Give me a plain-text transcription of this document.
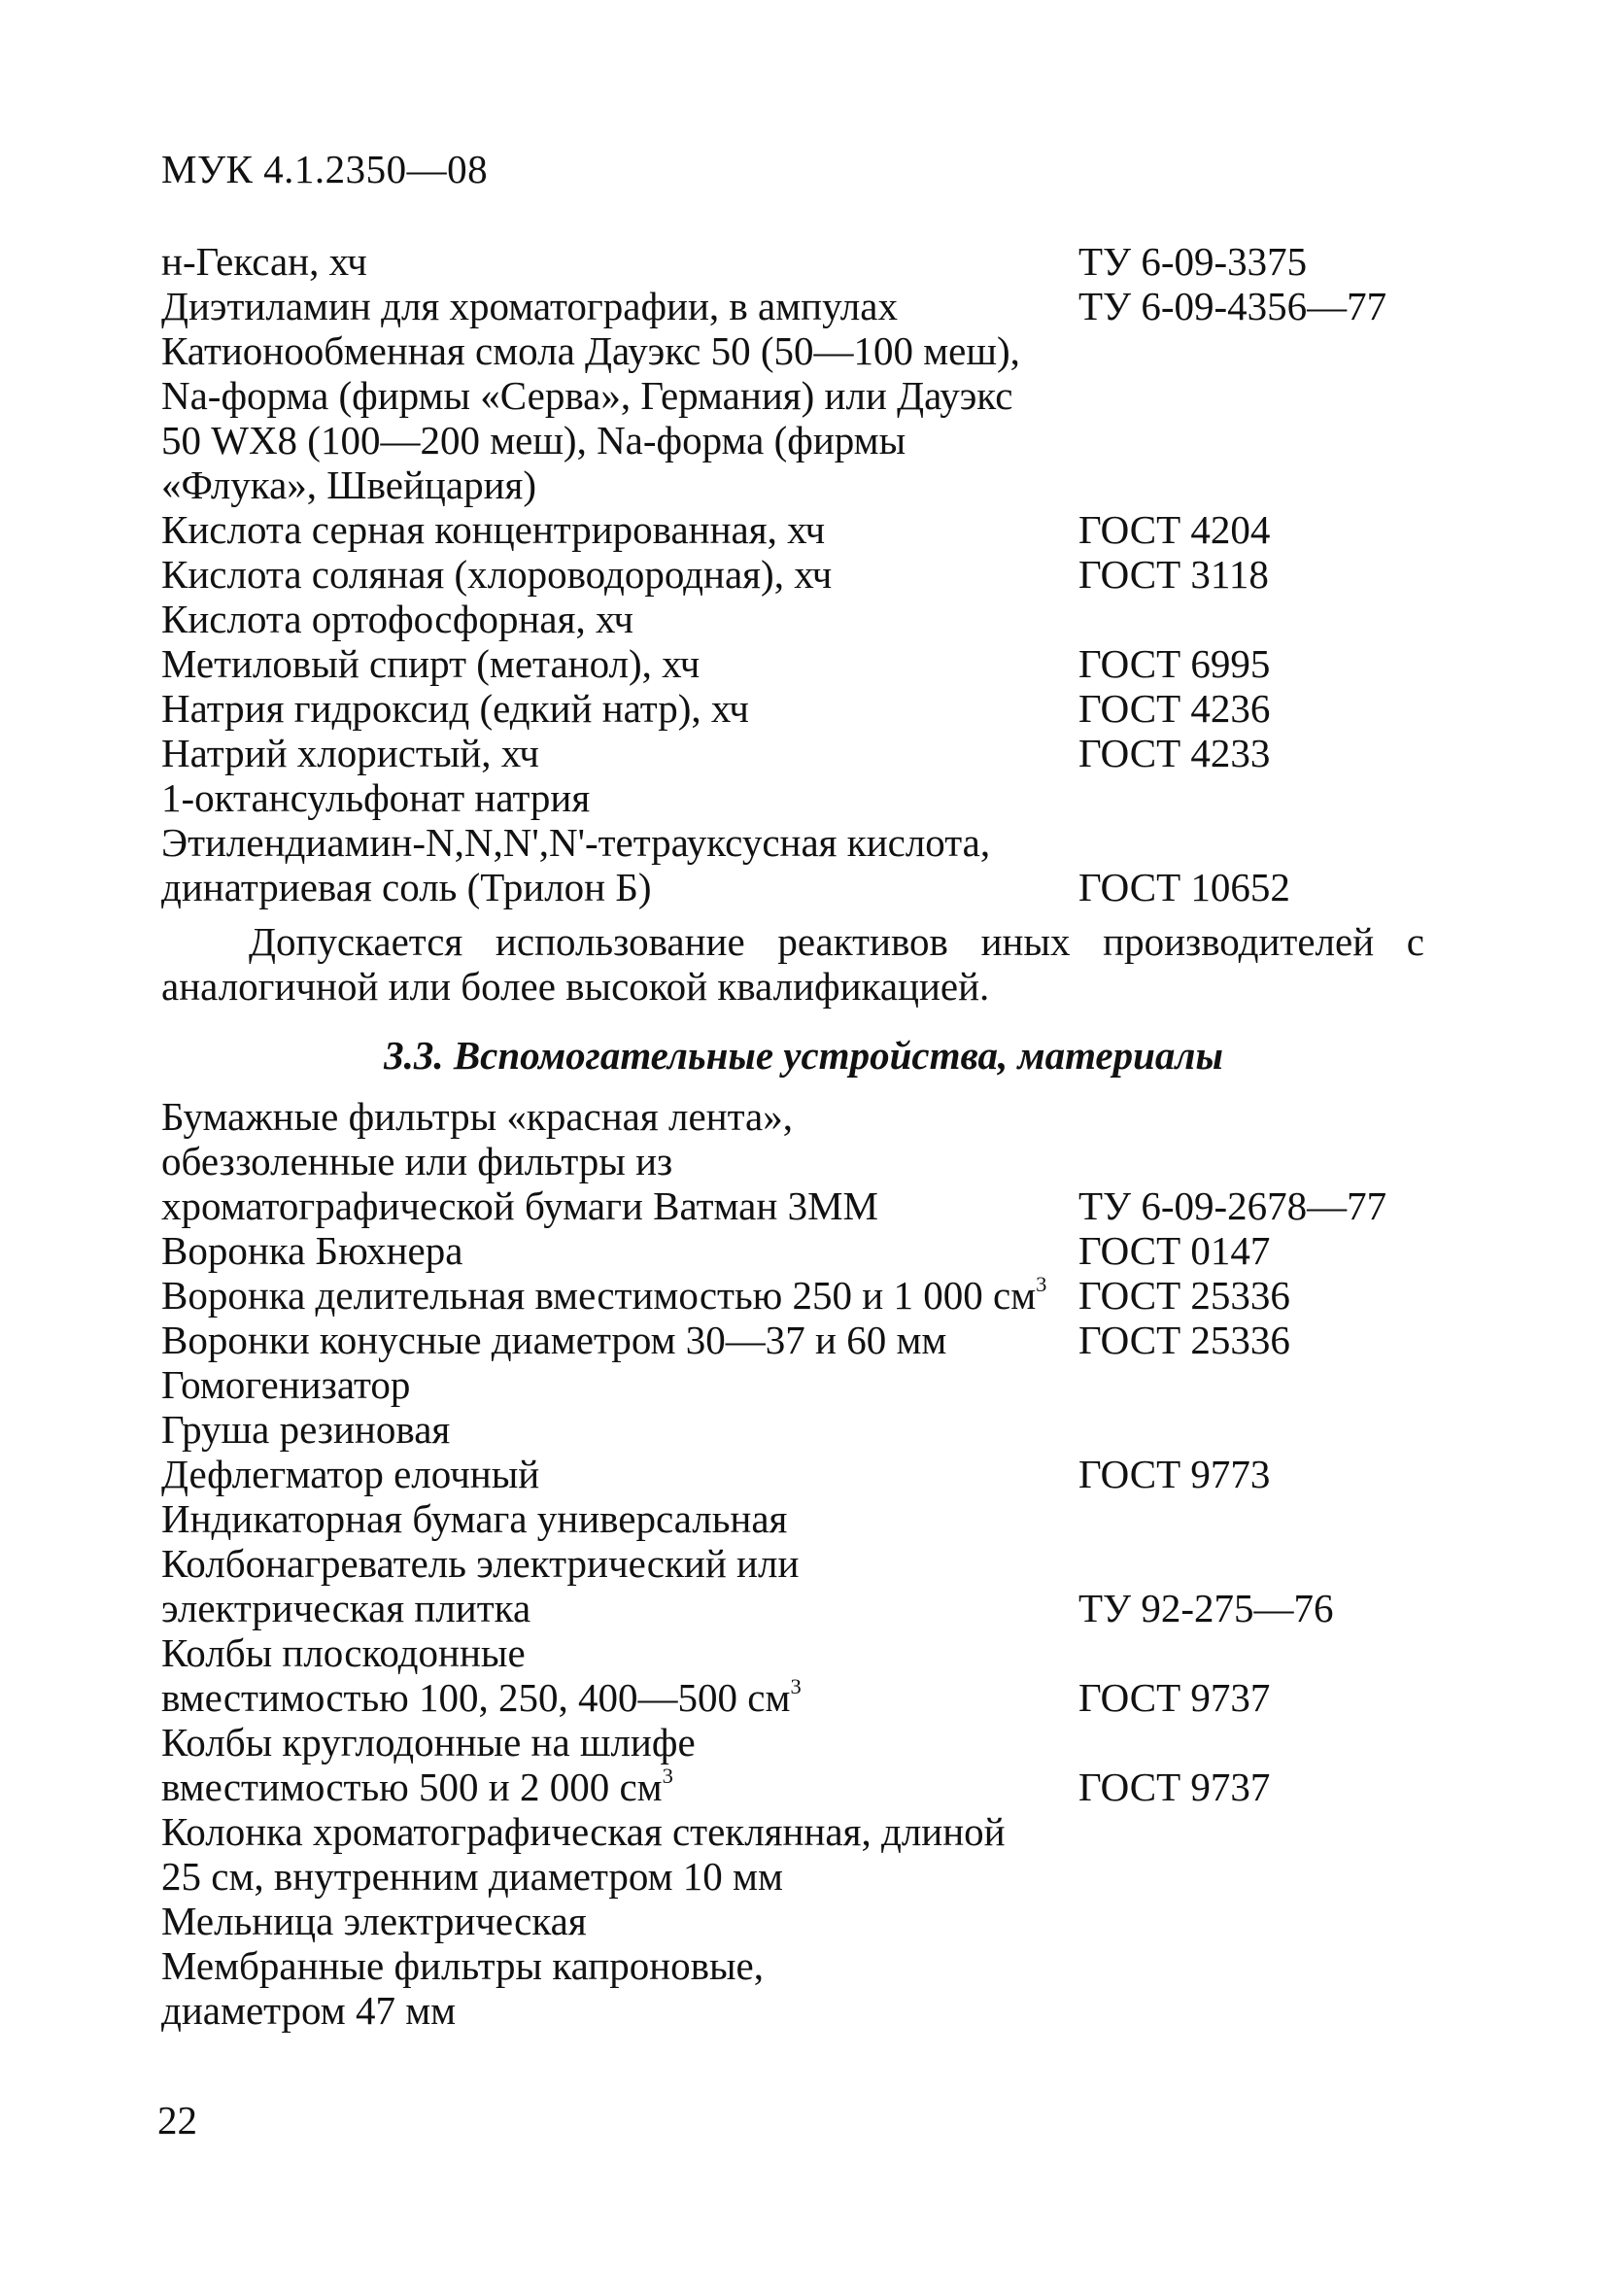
МУК 4.1.2350—08
н-Гексан, хч	ТУ 6-09-3375
Диэтиламин для хроматографии, в ампулах	ТУ 6-09-4356—77
Катионообменная смола Дауэкс 50 (50—100 меш),
Na-форма (фирмы «Серва», Германия) или Дауэкс
50 WX8 (100—200 меш), Na-форма (фирмы
«Флука», Швейцария)
Кислота серная концентрированная, хч	ГОСТ 4204
Кислота соляная (хлороводородная), хч	ГОСТ 3118
Кислота ортофосфорная, хч
Метиловый спирт (метанол), хч	ГОСТ 6995
Натрия гидроксид (едкий натр), хч	ГОСТ 4236
Натрий хлористый, хч	ГОСТ 4233
1-октансульфонат натрия
Этилендиамин-N,N,N',N'-тетрауксусная кислота,
динатриевая соль (Трилон Б)	ГОСТ 10652
Допускается использование реактивов иных производителей с аналогичной или более высокой квалификацией.
3.3. Вспомогательные устройства, материалы
Бумажные фильтры «красная лента»,
обеззоленные или фильтры из
хроматографической бумаги Ватман 3ММ	ТУ 6-09-2678—77
Воронка Бюхнера	ГОСТ 0147
Воронка делительная вместимостью 250 и 1 000 $см^3$ ГОСТ 25336
Воронки конусные диаметром 30—37 и 60 мм	ГОСТ 25336
Гомогенизатор
Груша резиновая
Дефлегматор елочный	ГОСТ 9773
Индикаторная бумага универсальная
Колбонагреватель электрический или
электрическая плитка	ТУ 92-275—76
Колбы плоскодонные
вместимостью 100, 250, 400—500 $см^3$	ГОСТ 9737
Колбы круглодонные на шлифе
вместимостью 500 и 2 000 $см^3$	ГОСТ 9737
Колонка хроматографическая стеклянная, длиной
25 см, внутренним диаметром 10 мм
Мельница электрическая
Мембранные фильтры капроновые,
диаметром 47 мм
22
